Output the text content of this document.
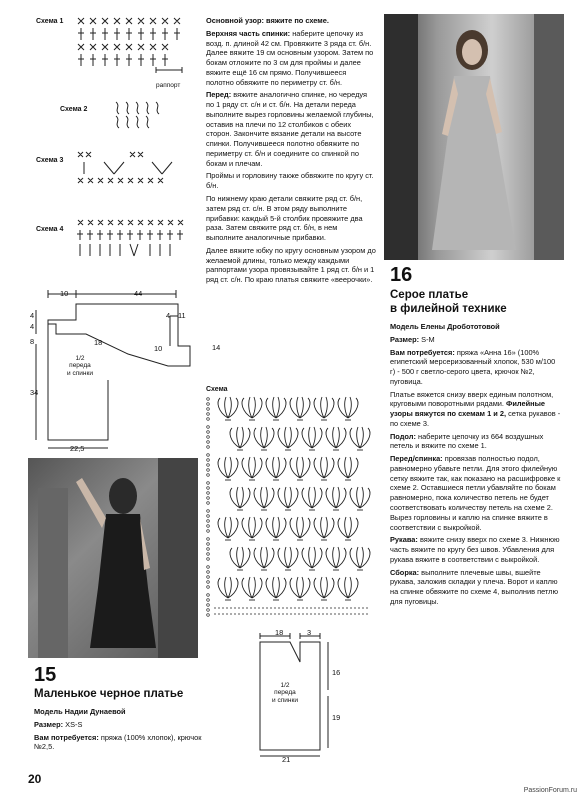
Схема 1
раппорт
Схема 2
Схема 3
Схема 4
10	44
4
4
8
4 11
18
10	14
34
22,5
1/2
переда
и спинки
15
Маленькое черное платье

Модель Надии Дунаевой

Размер: XS-S

Вам потребуется: пряжа (100% хлопок), крючок №2,5.

20

Основной узор: вяжите по схеме.

Верхняя часть спинки: наберите цепочку из возд. п. длиной 42 см. Провяжите 3 ряда ст. б/н. Далее вяжите 19 см основным узором. Затем по бокам отложите по 3 см для проймы и далее вяжите ещё 16 см прямо. Получившееся полотно обвяжите по периметру ст. б/н.

Перед: вяжите аналогично спинке, но чередуя по 1 ряду ст. с/н и ст. б/н. На детали переда выполните вырез горловины желаемой глубины, оставив на плечи по 12 столбиков с обеих сторон. Закончите вязание детали на высоте спинки. Получившееся полотно обвяжите по периметру ст. б/н и соедините со спинкой по бокам и плечам.

Проймы и горловину также обвяжите по кругу ст. б/н.

По нижнему краю детали свяжите ряд ст. б/н, затем ряд ст. с/н. В этом ряду выполните прибавки: каждый 5-й столбик провяжите два раза. Затем свяжите ряд ст. б/н, в нем выполните аналогичные прибавки.

Далее вяжите юбку по кругу основным узором до желаемой длины, только между каждыми раппортами узора провязывайте 1 ряд ст. б/н и 1 ряд ст. с/н. По краю платья свяжите «веерочки».

Схема
18	3
16
19
21
1/2
переда
и спинки
16
Серое платье
в филейной технике

Модель Елены Дробототовой

Размер: S-M

Вам потребуется: пряжа «Анна 16» (100% египетский мерсеризованный хлопок, 530 м/100 г) - 500 г светло-серого цвета, крючок №2, пуговица.

Платье вяжется снизу вверх единым полотном, круговыми поворотными рядами. Филейные узоры вяжутся по схемам 1 и 2, сетка рукавов - по схеме 3.

Подол: наберите цепочку из 664 воздушных петель и вяжите по схеме 1.

Перед/спинка: провязав полностью подол, равномерно убавьте петли. Для этого филейную сетку вяжите так, как показано на расшифровке к схеме 2. Оставшиеся петли убавляйте по бокам равномерно, пока количество петель не будет соответствовать количеству петель на схеме 2. Вырез горловины и каплю на спинке вяжите в соответствии с выкройкой.

Рукава: вяжите снизу вверх по схеме 3. Нижнюю часть вяжите по кругу без швов. Убавления для рукава вяжите в соответствии с выкройкой.

Сборка: выполните плечевые швы, вшейте рукава, заложив складки у плеча. Ворот и каплю на спинке обвяжите по схеме 4, выполнив петлю для пуговицы.

PassionForum.ru
